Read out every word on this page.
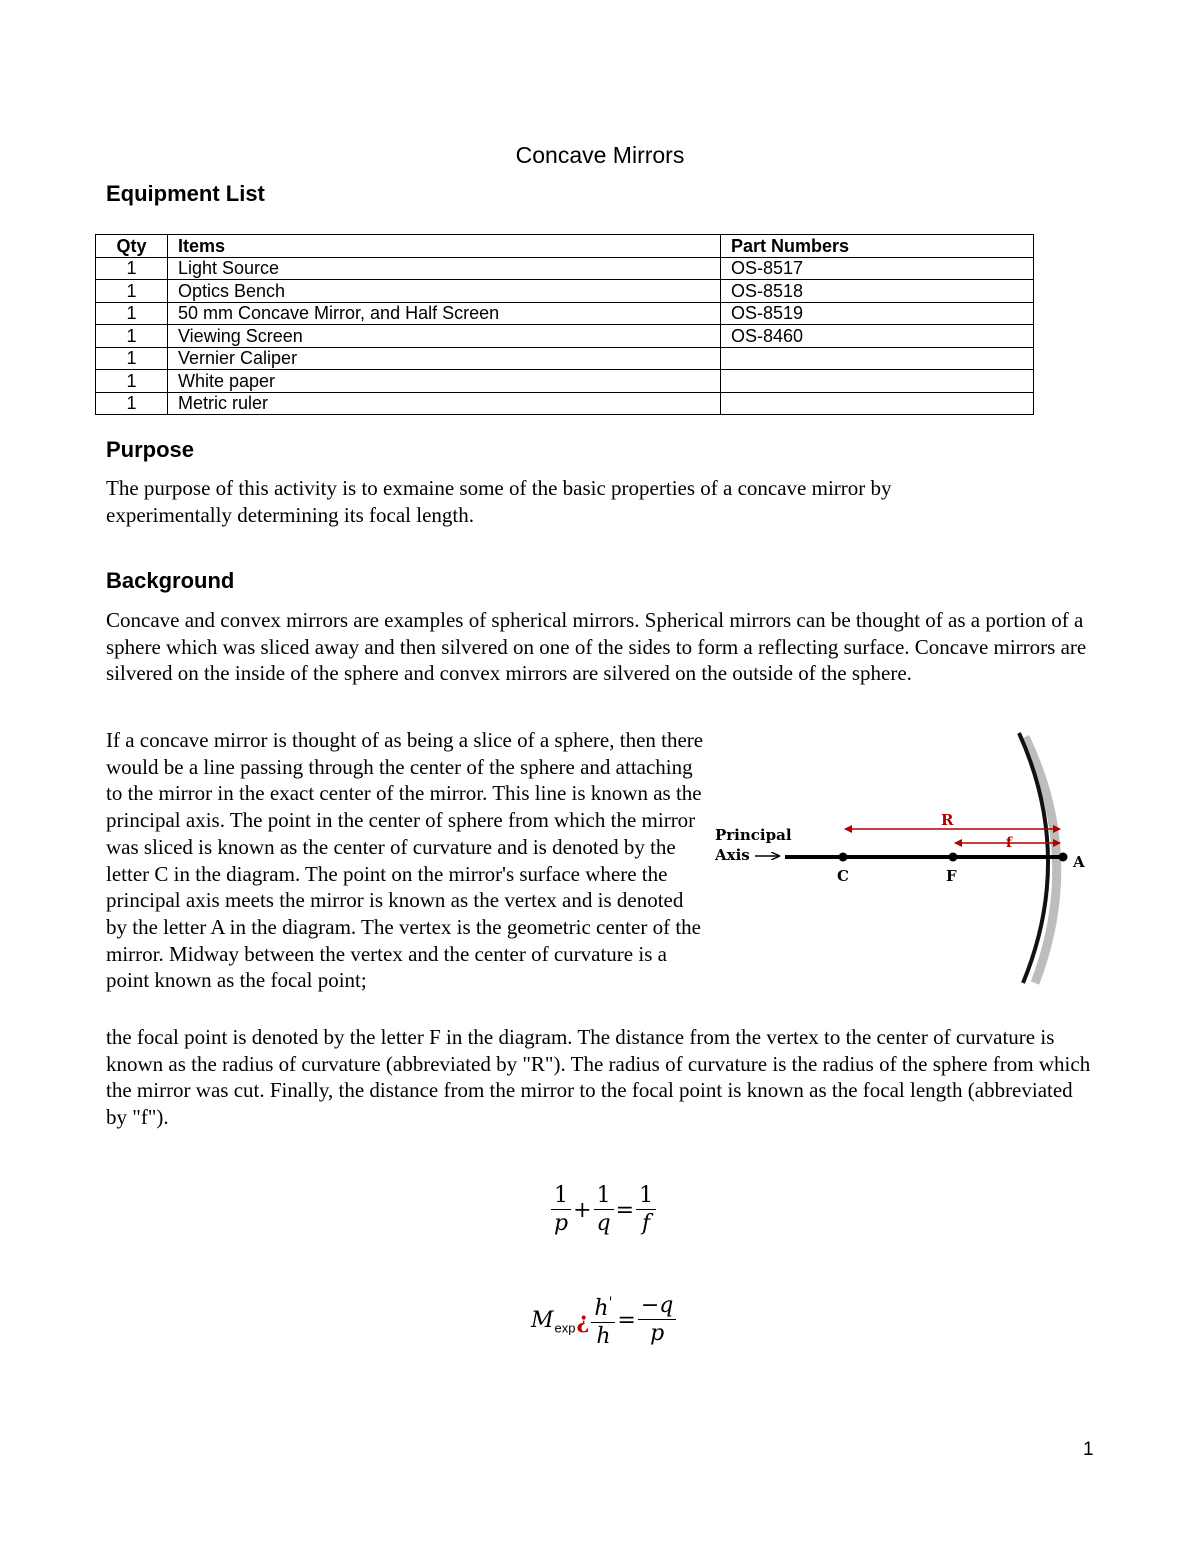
Concave Mirrors
Equipment List
Qty	Items	Part Numbers
1	Light Source	OS-8517
1	Optics Bench	OS-8518
1	50 mm Concave Mirror, and Half Screen	OS-8519
1	Viewing Screen	OS-8460
1	Vernier Caliper	
1	White paper	
1	Metric ruler	
Purpose

The purpose of this activity is to exmaine some of the basic properties of a concave mirror by experimentally determining its focal length.

Background

Concave and convex mirrors are examples of spherical mirrors. Spherical mirrors can be thought of as a portion of a sphere which was sliced away and then silvered on one of the sides to form a reflecting surface. Concave mirrors are silvered on the inside of the sphere and convex mirrors are silvered on the outside of the sphere.

If a concave mirror is thought of as being a slice of a sphere, then there would be a line passing through the center of the sphere and attaching to the mirror in the exact center of the mirror. This line is known as the principal axis. The point in the center of sphere from which the mirror was sliced is known as the center of curvature and is denoted by the letter C in the diagram. The point on the mirror's surface where the principal axis meets the mirror is known as the vertex and is denoted by the letter A in the diagram. The vertex is the geometric center of the mirror. Midway between the vertex and the center of curvature is a point known as the focal point;

the focal point is denoted by the letter F in the diagram. The distance from the vertex to the center of curvature is known as the radius of curvature (abbreviated by "R"). The radius of curvature is the radius of the sphere from which the mirror was cut. Finally, the distance from the mirror to the focal point is known as the focal length (abbreviated by "f").

Principal
Axis
R
f
C	F
A
$\frac{1}{p} + \frac{1}{q} = \frac{1}{f}$
$M_{exp}¿ \frac{h'}{h} = \frac{-q}{p}$
1
